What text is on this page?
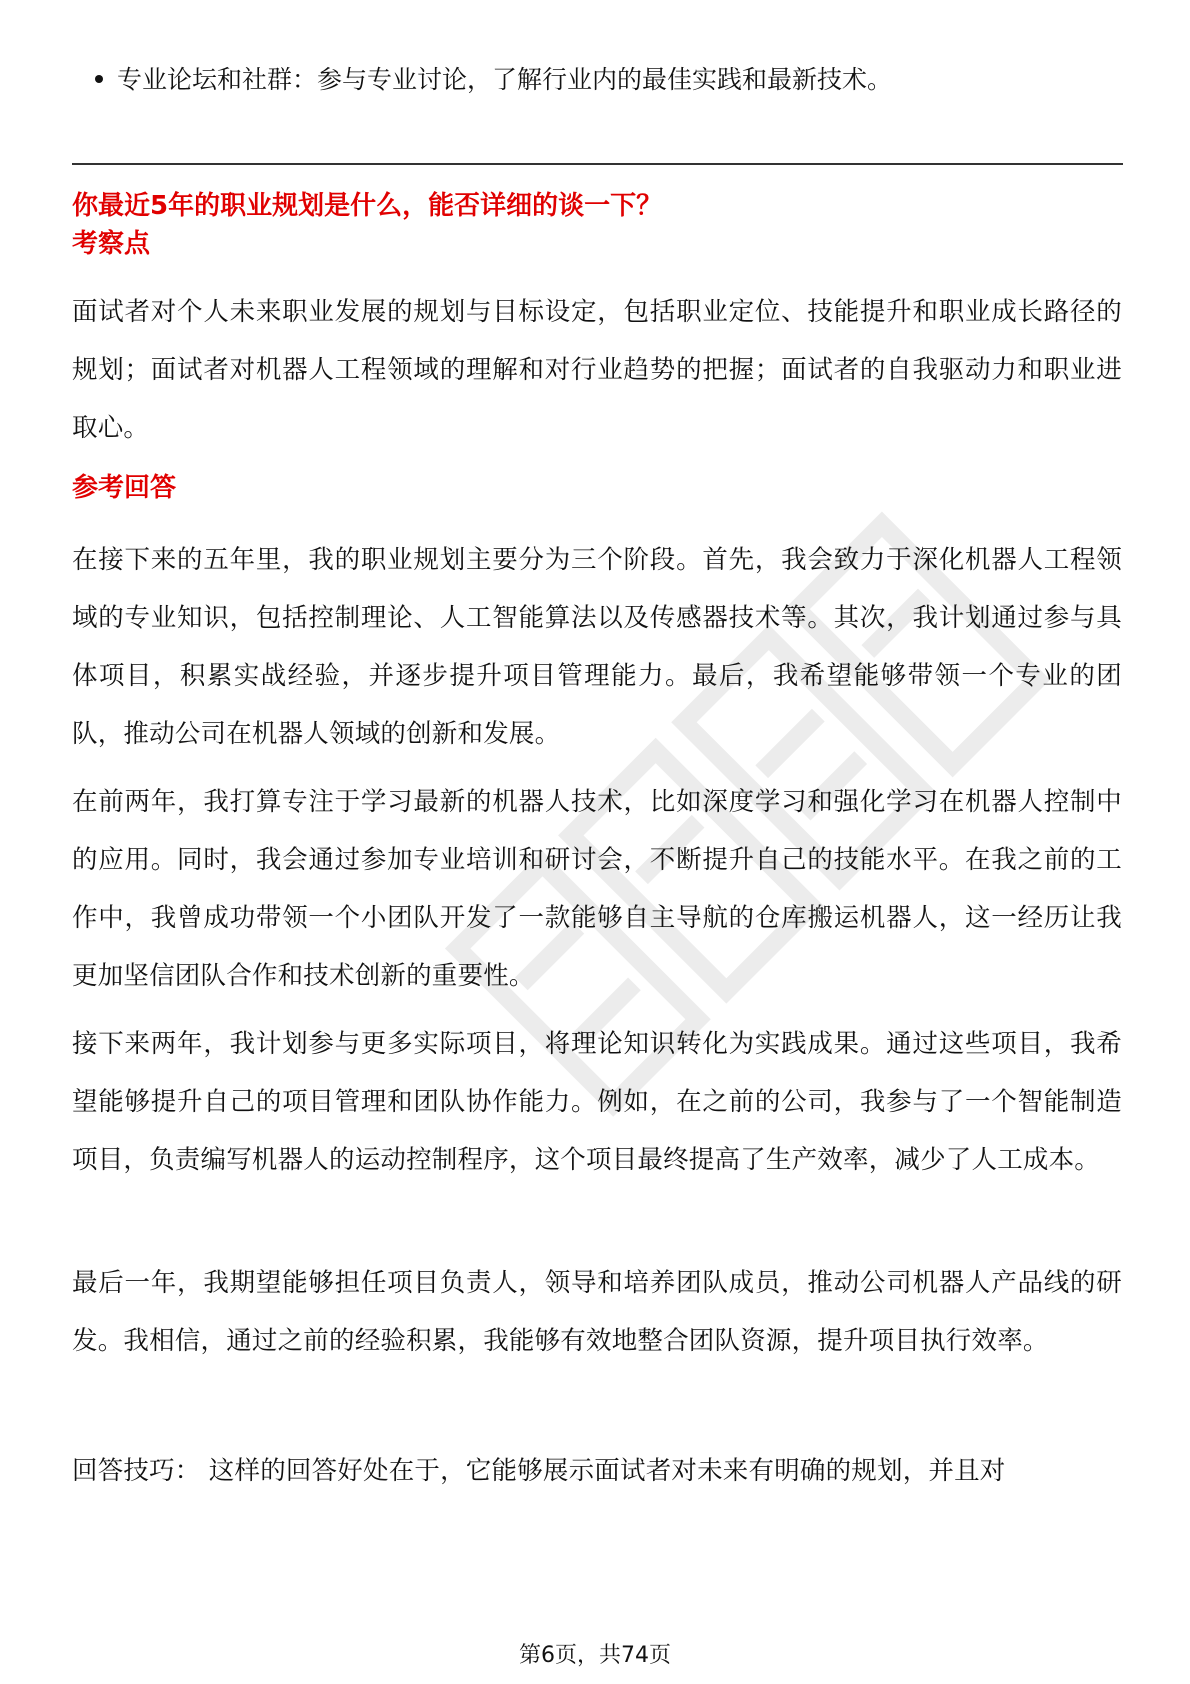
专业论坛和社群：参与专业讨论，了解行业内的最佳实践和最新技术。
你最近5年的职业规划是什么，能否详细的谈一下？
考察点

面试者对个人未来职业发展的规划与目标设定，包括职业定位、技能提升和职业成长路径的规划；面试者对机器人工程领域的理解和对行业趋势的把握；面试者的自我驱动力和职业进取心。

参考回答

在接下来的五年里，我的职业规划主要分为三个阶段。首先，我会致力于深化机器人工程领域的专业知识，包括控制理论、人工智能算法以及传感器技术等。其次，我计划通过参与具体项目，积累实战经验，并逐步提升项目管理能力。最后，我希望能够带领一个专业的团队，推动公司在机器人领域的创新和发展。

在前两年，我打算专注于学习最新的机器人技术，比如深度学习和强化学习在机器人控制中的应用。同时，我会通过参加专业培训和研讨会，不断提升自己的技能水平。在我之前的工作中，我曾成功带领一个小团队开发了一款能够自主导航的仓库搬运机器人，这一经历让我更加坚信团队合作和技术创新的重要性。

接下来两年，我计划参与更多实际项目，将理论知识转化为实践成果。通过这些项目，我希望能够提升自己的项目管理和团队协作能力。例如，在之前的公司，我参与了一个智能制造项目，负责编写机器人的运动控制程序，这个项目最终提高了生产效率，减少了人工成本。

最后一年，我期望能够担任项目负责人，领导和培养团队成员，推动公司机器人产品线的研发。我相信，通过之前的经验积累，我能够有效地整合团队资源，提升项目执行效率。

回答技巧： 这样的回答好处在于，它能够展示面试者对未来有明确的规划，并且对

第6页，共74页
